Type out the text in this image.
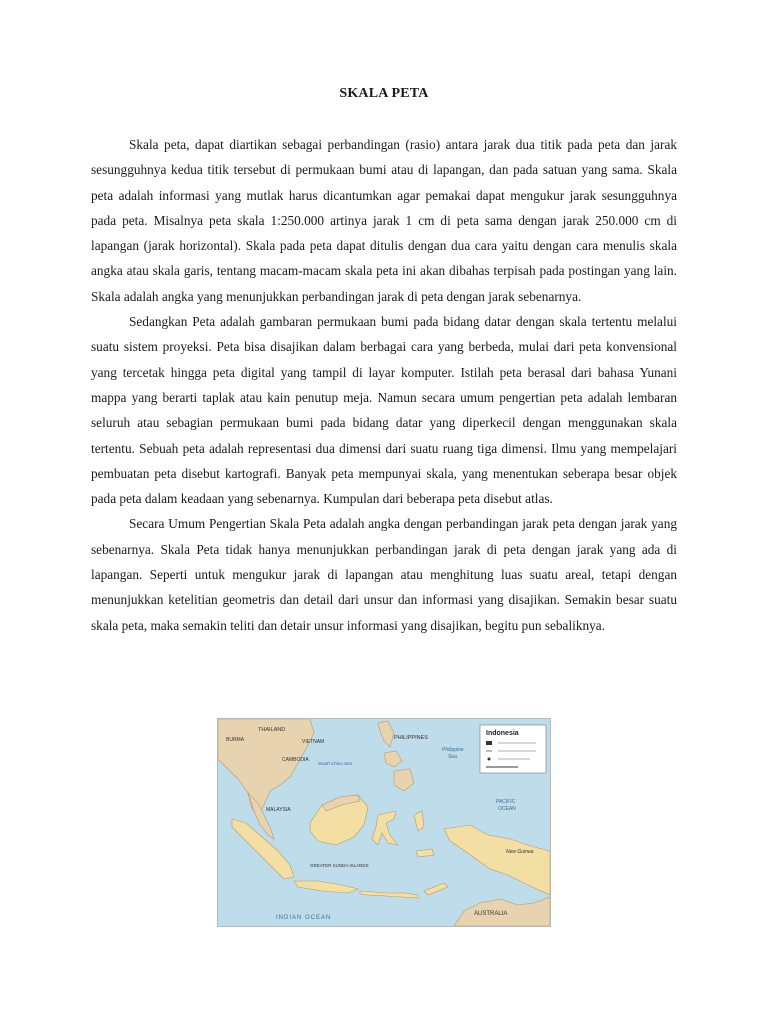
SKALA PETA

Skala peta, dapat diartikan sebagai perbandingan (rasio) antara jarak dua titik pada peta dan jarak sesungguhnya kedua titik tersebut di permukaan bumi atau di lapangan, dan pada satuan yang sama. Skala peta adalah informasi yang mutlak harus dicantumkan agar pemakai dapat mengukur jarak sesungguhnya pada peta. Misalnya peta skala 1:250.000 artinya jarak 1 cm di peta sama dengan jarak 250.000 cm di lapangan (jarak horizontal). Skala pada peta dapat ditulis dengan dua cara yaitu dengan cara menulis skala angka atau skala garis, tentang macam-macam skala peta ini akan dibahas terpisah pada postingan yang lain. Skala adalah angka yang menunjukkan perbandingan jarak di peta dengan jarak sebenarnya.

Sedangkan Peta adalah gambaran permukaan bumi pada bidang datar dengan skala tertentu melalui suatu sistem proyeksi. Peta bisa disajikan dalam berbagai cara yang berbeda, mulai dari peta konvensional yang tercetak hingga peta digital yang tampil di layar komputer. Istilah peta berasal dari bahasa Yunani mappa yang berarti taplak atau kain penutup meja. Namun secara umum pengertian peta adalah lembaran seluruh atau sebagian permukaan bumi pada bidang datar yang diperkecil dengan menggunakan skala tertentu. Sebuah peta adalah representasi dua dimensi dari suatu ruang tiga dimensi. Ilmu yang mempelajari pembuatan peta disebut kartografi. Banyak peta mempunyai skala, yang menentukan seberapa besar objek pada peta dalam keadaan yang sebenarnya. Kumpulan dari beberapa peta disebut atlas.

Secara Umum Pengertian Skala Peta adalah angka dengan perbandingan jarak peta dengan jarak yang sebenarnya. Skala Peta tidak hanya menunjukkan perbandingan jarak di peta dengan jarak yang ada di lapangan. Seperti untuk mengukur jarak di lapangan atau menghitung luas suatu areal, tetapi dengan menunjukkan ketelitian geometris dan detail dari unsur dan informasi yang disajikan. Semakin besar suatu skala peta, maka semakin teliti dan detair unsur informasi yang disajikan, begitu pun sebaliknya.

Indonesia
BURMA
THAILAND
CAMBODIA
VIETNAM
PHILIPPINES
South China Sea
MALAYSIA
Philippine
Sea
PACIFIC
OCEAN
GREATER SUNDA ISLANDS
New Guinea
INDIAN OCEAN
AUSTRALIA
